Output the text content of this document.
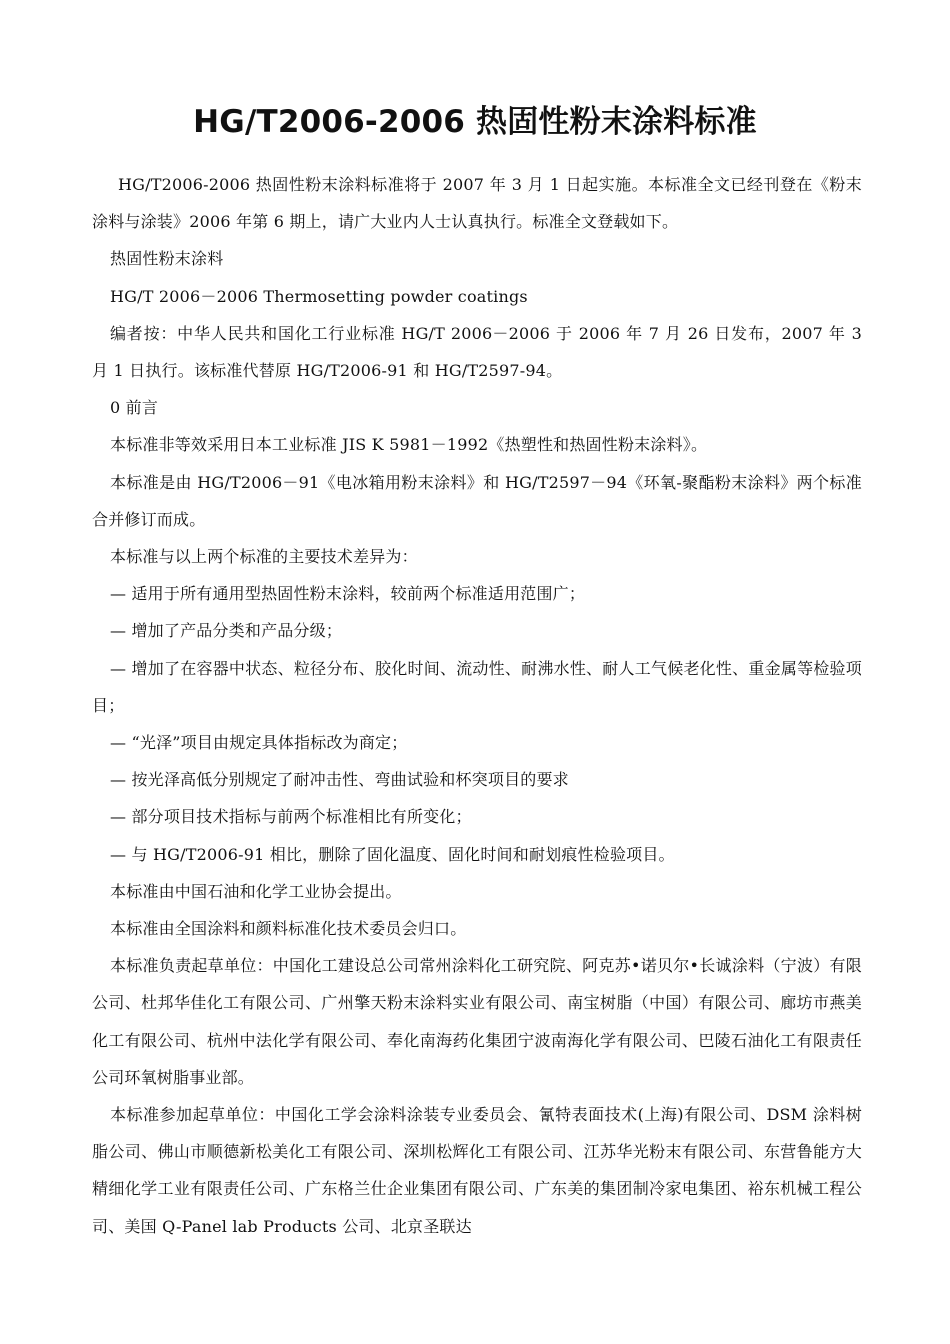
HG/T2006-2006 热固性粉末涂料标准

HG/T2006-2006 热固性粉末涂料标准将于 2007 年 3 月 1 日起实施。本标准全文已经刊登在《粉末涂料与涂装》2006 年第 6 期上，请广大业内人士认真执行。标准全文登载如下。

热固性粉末涂料

HG/T 2006－2006 Thermosetting powder coatings

编者按：中华人民共和国化工行业标准 HG/T 2006－2006 于 2006 年 7 月 26 日发布，2007 年 3 月 1 日执行。该标准代替原 HG/T2006-91 和 HG/T2597-94。

0 前言

本标准非等效采用日本工业标准 JIS K 5981－1992《热塑性和热固性粉末涂料》。

本标准是由 HG/T2006－91《电冰箱用粉末涂料》和 HG/T2597－94《环氧-聚酯粉末涂料》两个标准合并修订而成。

本标准与以上两个标准的主要技术差异为：

— 适用于所有通用型热固性粉末涂料，较前两个标准适用范围广；

— 增加了产品分类和产品分级；

— 增加了在容器中状态、粒径分布、胶化时间、流动性、耐沸水性、耐人工气候老化性、重金属等检验项目；

— “光泽”项目由规定具体指标改为商定；

— 按光泽高低分别规定了耐冲击性、弯曲试验和杯突项目的要求

— 部分项目技术指标与前两个标准相比有所变化；

— 与 HG/T2006-91 相比，删除了固化温度、固化时间和耐划痕性检验项目。

本标准由中国石油和化学工业协会提出。

本标准由全国涂料和颜料标准化技术委员会归口。

本标准负责起草单位：中国化工建设总公司常州涂料化工研究院、阿克苏•诺贝尔•长诚涂料（宁波）有限公司、杜邦华佳化工有限公司、广州擎天粉末涂料实业有限公司、南宝树脂（中国）有限公司、廊坊市燕美化工有限公司、杭州中法化学有限公司、奉化南海药化集团宁波南海化学有限公司、巴陵石油化工有限责任公司环氧树脂事业部。

本标准参加起草单位：中国化工学会涂料涂装专业委员会、氰特表面技术(上海)有限公司、DSM 涂料树脂公司、佛山市顺德新松美化工有限公司、深圳松辉化工有限公司、江苏华光粉末有限公司、东营鲁能方大精细化学工业有限责任公司、广东格兰仕企业集团有限公司、广东美的集团制冷家电集团、裕东机械工程公司、美国 Q-Panel lab Products 公司、北京圣联达
